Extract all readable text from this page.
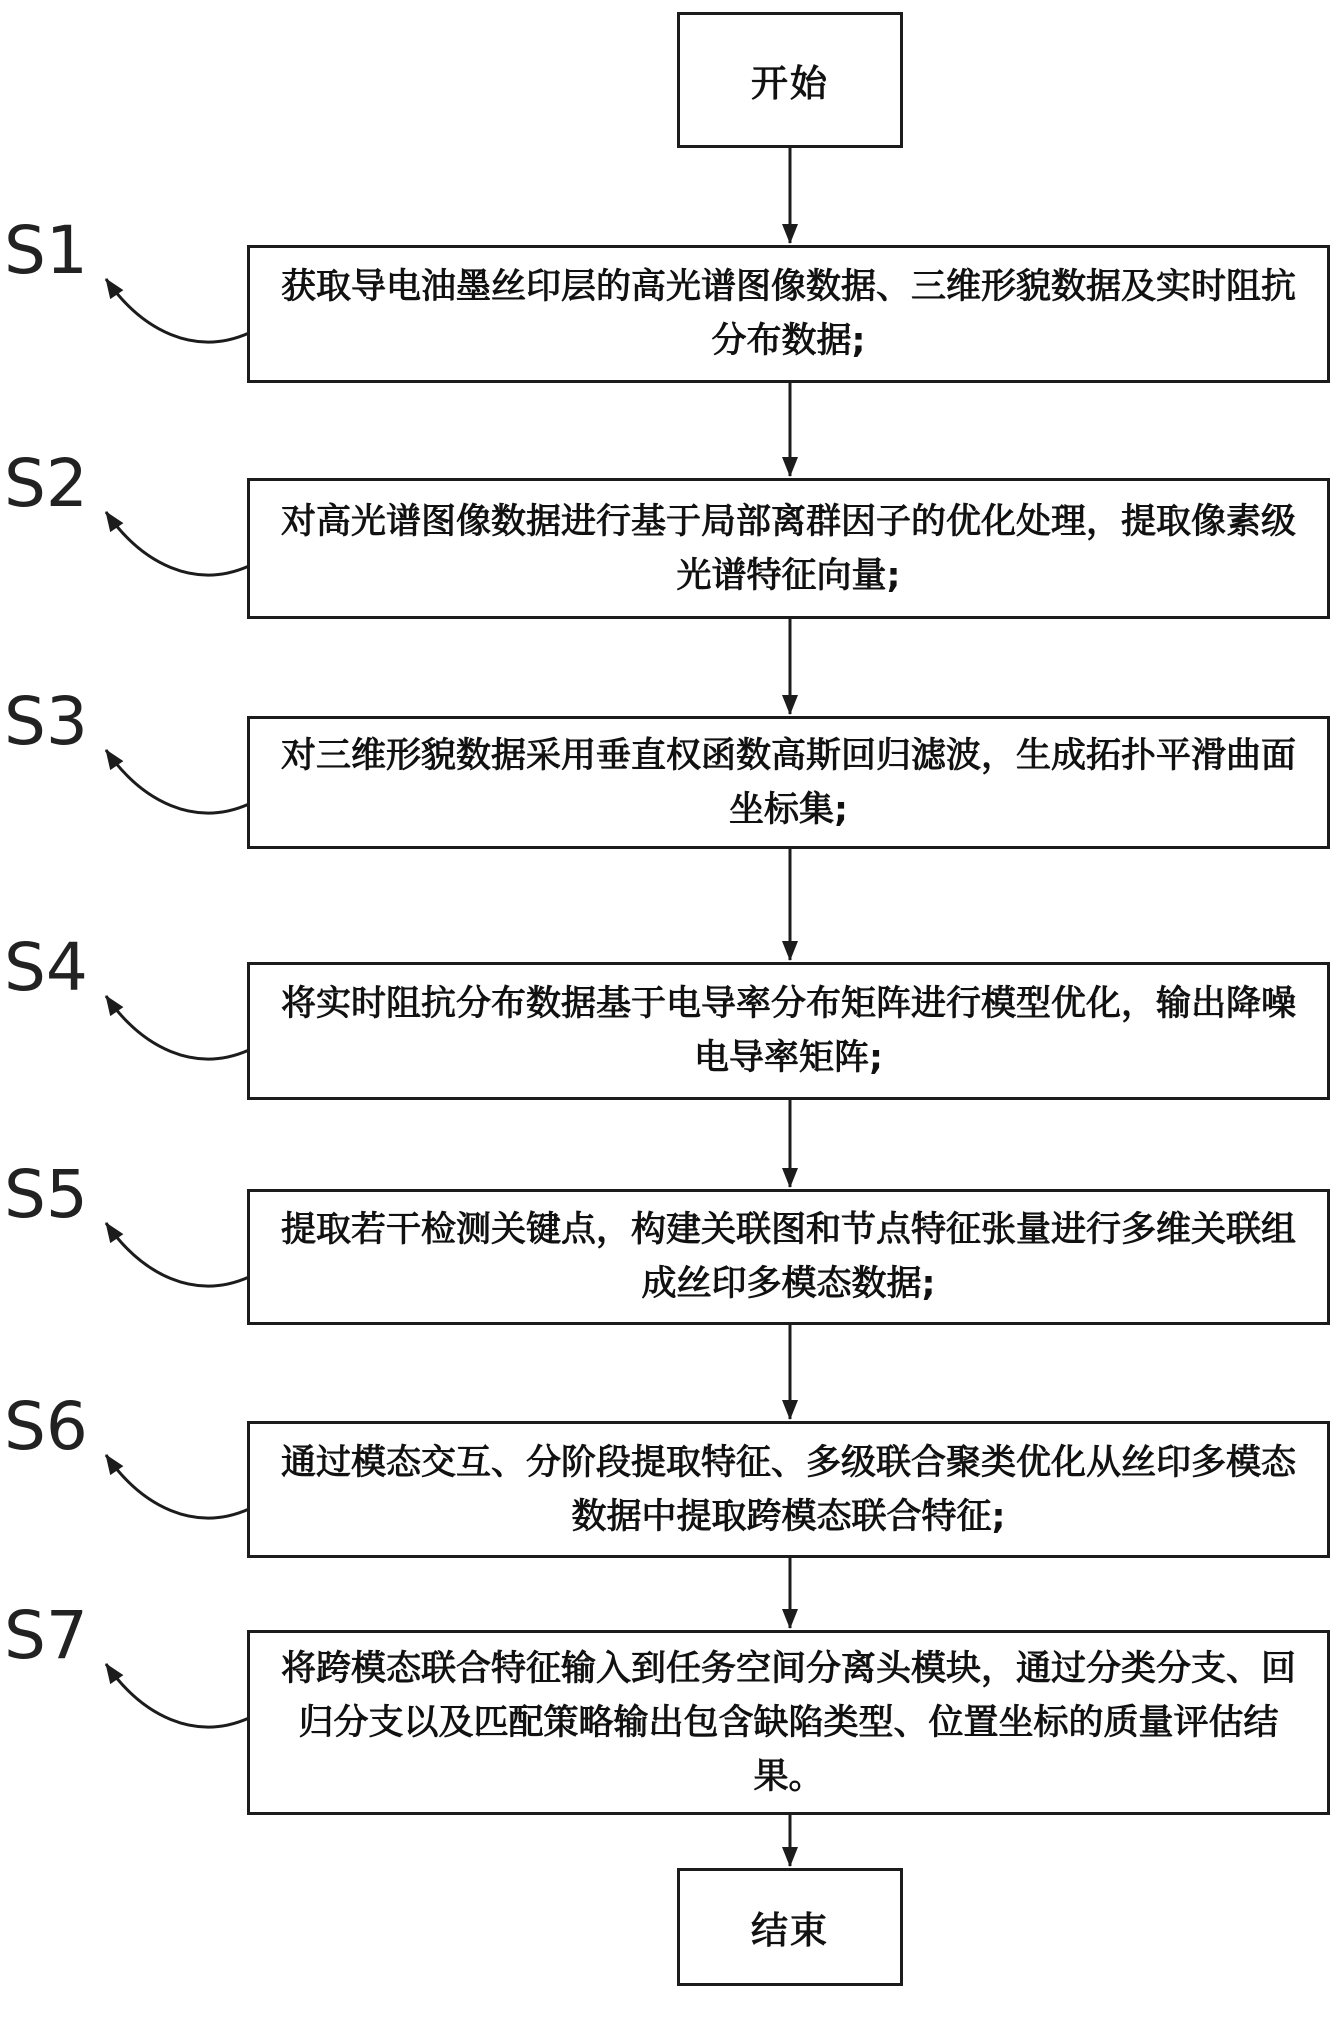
开始
S1	获取导电油墨丝印层的高光谱图像数据、三维形貌数据及实时阻抗分布数据;
S2	对高光谱图像数据进行基于局部离群因子的优化处理，提取像素级光谱特征向量;
S3	对三维形貌数据采用垂直权函数高斯回归滤波，生成拓扑平滑曲面坐标集;
S4	将实时阻抗分布数据基于电导率分布矩阵进行模型优化，输出降噪电导率矩阵;
S5	提取若干检测关键点，构建关联图和节点特征张量进行多维关联组成丝印多模态数据;
S6	通过模态交互、分阶段提取特征、多级联合聚类优化从丝印多模态数据中提取跨模态联合特征;
S7	将跨模态联合特征输入到任务空间分离头模块，通过分类分支、回归分支以及匹配策略输出包含缺陷类型、位置坐标的质量评估结果。
结束
